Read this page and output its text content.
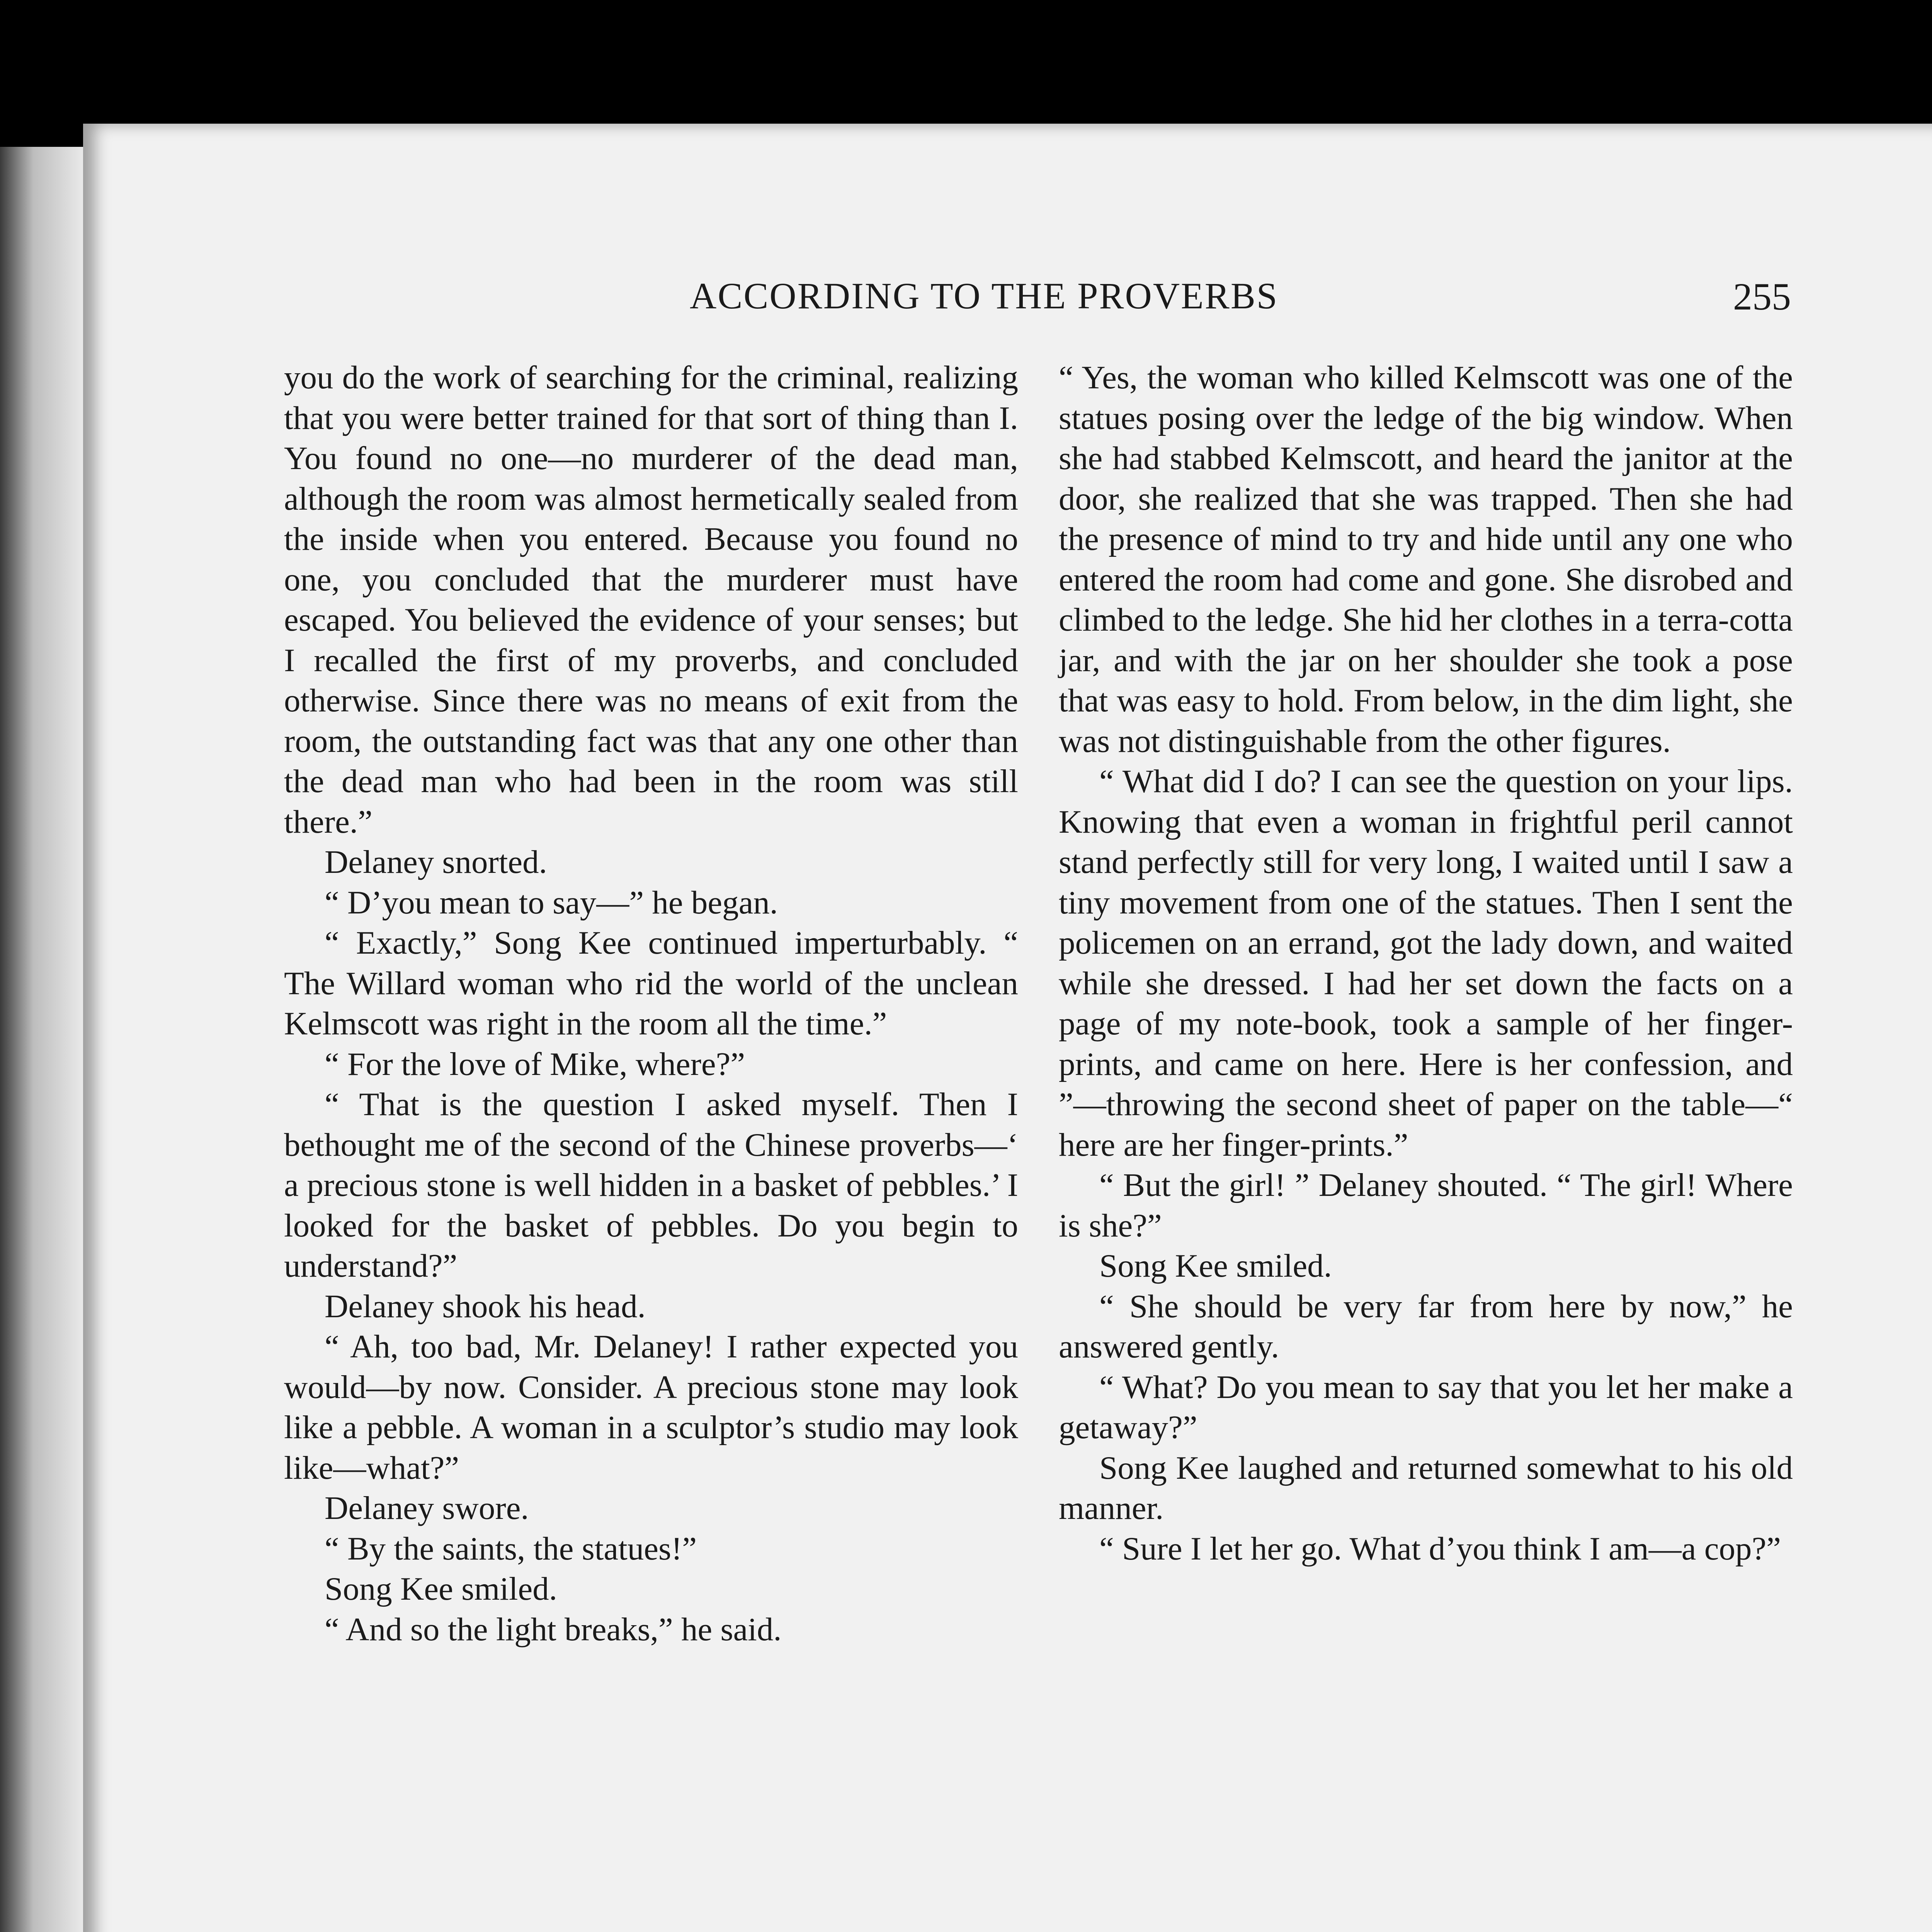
ACCORDING TO THE PROVERBS	255

you do the work of searching for the criminal, realizing that you were better trained for that sort of thing than I. You found no one—no murderer of the dead man, although the room was almost hermetically sealed from the inside when you entered. Because you found no one, you concluded that the murderer must have escaped. You believed the evidence of your senses; but I recalled the first of my proverbs, and concluded otherwise. Since there was no means of exit from the room, the outstanding fact was that any one other than the dead man who had been in the room was still there.”

Delaney snorted.

“ D’you mean to say—” he began.

“ Exactly,” Song Kee continued imperturbably. “ The Willard woman who rid the world of the unclean Kelmscott was right in the room all the time.”

“ For the love of Mike, where?”

“ That is the question I asked myself. Then I bethought me of the second of the Chinese proverbs—‘ a precious stone is well hidden in a basket of pebbles.’ I looked for the basket of pebbles. Do you begin to understand?”

Delaney shook his head.

“ Ah, too bad, Mr. Delaney! I rather expected you would—by now. Consider. A precious stone may look like a pebble. A woman in a sculptor’s studio may look like—what?”

Delaney swore.

“ By the saints, the statues!”

Song Kee smiled.

“ And so the light breaks,” he said.

“ Yes, the woman who killed Kelmscott was one of the statues posing over the ledge of the big window. When she had stabbed Kelmscott, and heard the janitor at the door, she realized that she was trapped. Then she had the presence of mind to try and hide until any one who entered the room had come and gone. She disrobed and climbed to the ledge. She hid her clothes in a terra-cotta jar, and with the jar on her shoulder she took a pose that was easy to hold. From below, in the dim light, she was not distinguishable from the other figures.

“ What did I do? I can see the question on your lips. Knowing that even a woman in frightful peril cannot stand perfectly still for very long, I waited until I saw a tiny movement from one of the statues. Then I sent the policemen on an errand, got the lady down, and waited while she dressed. I had her set down the facts on a page of my note-book, took a sample of her finger-prints, and came on here. Here is her confession, and ”—throwing the second sheet of paper on the table—“ here are her finger-prints.”

“ But the girl! ” Delaney shouted. “ The girl! Where is she?”

Song Kee smiled.

“ She should be very far from here by now,” he answered gently.

“ What? Do you mean to say that you let her make a getaway?”

Song Kee laughed and returned somewhat to his old manner.

“ Sure I let her go. What d’you think I am—a cop?”
